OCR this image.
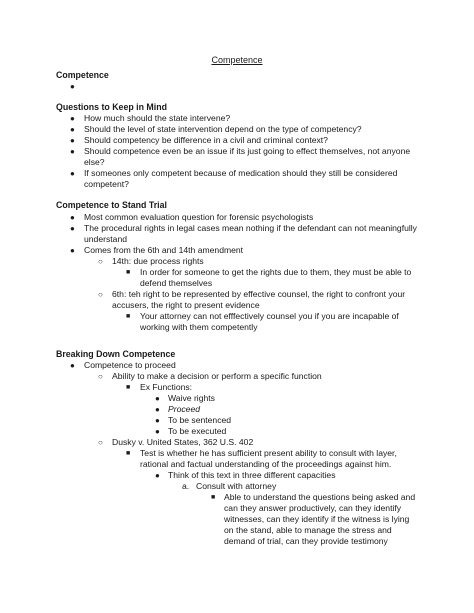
Competence
Competence
●
Questions to Keep in Mind
● How much should the state intervene?
● Should the level of state intervention depend on the type of competency?
● Should competency be difference in a civil and criminal context?
● Should competence even be an issue if its just going to effect themselves, not anyone
else?
● If someones only competent because of medication should they still be considered
competent?
Competence to Stand Trial
● Most common evaluation question for forensic psychologists
● The procedural rights in legal cases mean nothing if the defendant can not meaningfully
understand
● Comes from the 6th and 14th amendment
○ 14th: due process rights
■ In order for someone to get the rights due to them, they must be able to
defend themselves
○ 6th: teh right to be represented by effective counsel, the right to confront your
accusers, the right to present evidence
■ Your attorney can not efffectively counsel you if you are incapable of
working with them competently
Breaking Down Competence
● Competence to proceed
○ Ability to make a decision or perform a specific function
■ Ex Functions:
● Waive rights
● Proceed
● To be sentenced
● To be executed
○ Dusky v. United States, 362 U.S. 402
■ Test is whether he has sufficient present ability to consult with layer,
rational and factual understanding of the proceedings against him.
● Think of this text in three different capacities
a. Consult with attorney
■ Able to understand the questions being asked and
can they answer productively, can they identify
witnesses, can they identify if the witness is lying
on the stand, able to manage the stress and
demand of trial, can they provide testimony
